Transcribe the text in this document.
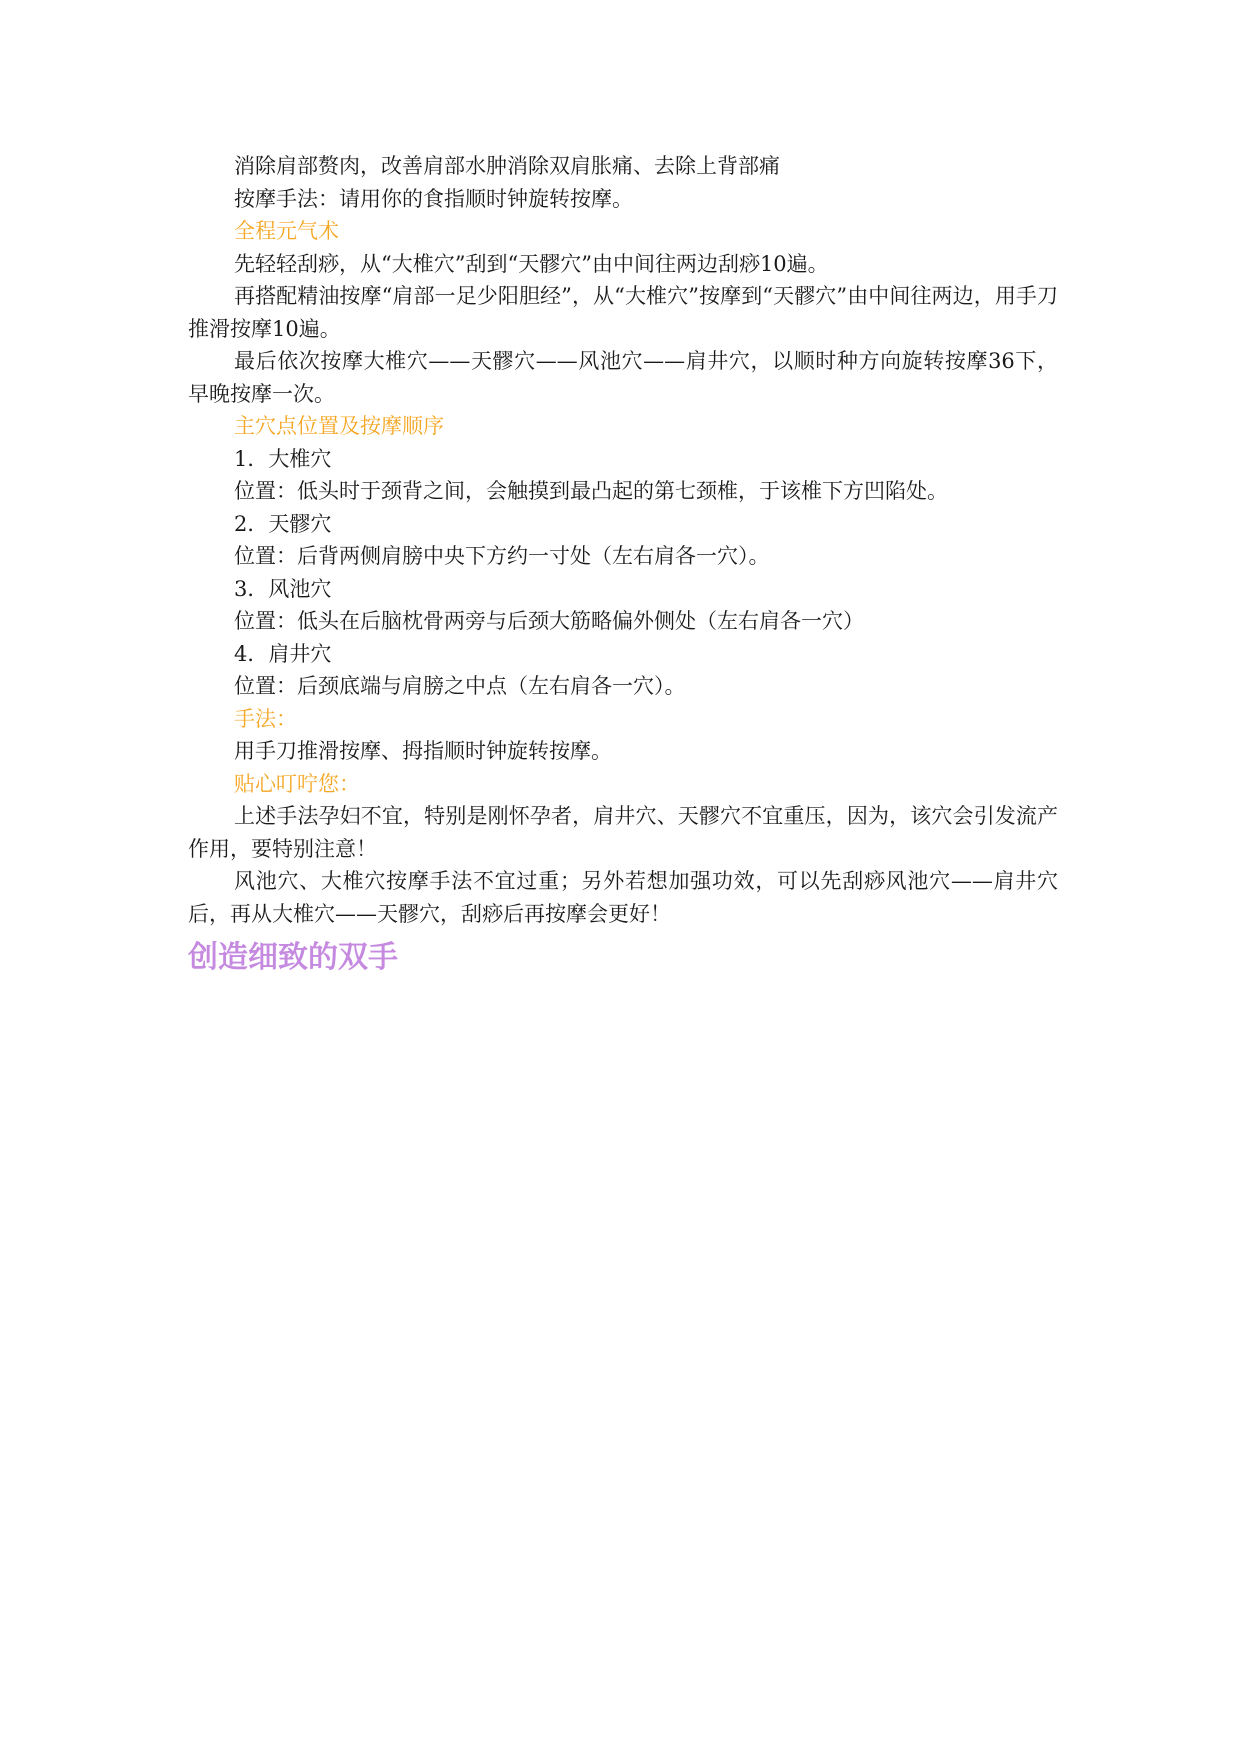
消除肩部赘肉，改善肩部水肿消除双肩胀痛、去除上背部痛

按摩手法：请用你的食指顺时钟旋转按摩。

全程元气术

先轻轻刮痧，从“大椎穴”刮到“天髎穴”由中间往两边刮痧10遍。

再搭配精油按摩“肩部一足少阳胆经”，从“大椎穴”按摩到“天髎穴”由中间往两边，用手刀推滑按摩10遍。

最后依次按摩大椎穴——天髎穴——风池穴——肩井穴，以顺时种方向旋转按摩36下，早晚按摩一次。

主穴点位置及按摩顺序

1．大椎穴

位置：低头时于颈背之间，会触摸到最凸起的第七颈椎，于该椎下方凹陷处。

2．天髎穴

位置：后背两侧肩膀中央下方约一寸处（左右肩各一穴）。

3．风池穴

位置：低头在后脑枕骨两旁与后颈大筋略偏外侧处（左右肩各一穴）

4．肩井穴

位置：后颈底端与肩膀之中点（左右肩各一穴）。

手法：

用手刀推滑按摩、拇指顺时钟旋转按摩。

贴心叮咛您：

上述手法孕妇不宜，特别是刚怀孕者，肩井穴、天髎穴不宜重压，因为，该穴会引发流产作用，要特别注意！

风池穴、大椎穴按摩手法不宜过重；另外若想加强功效，可以先刮痧风池穴——肩井穴后，再从大椎穴——天髎穴，刮痧后再按摩会更好！

创造细致的双手
